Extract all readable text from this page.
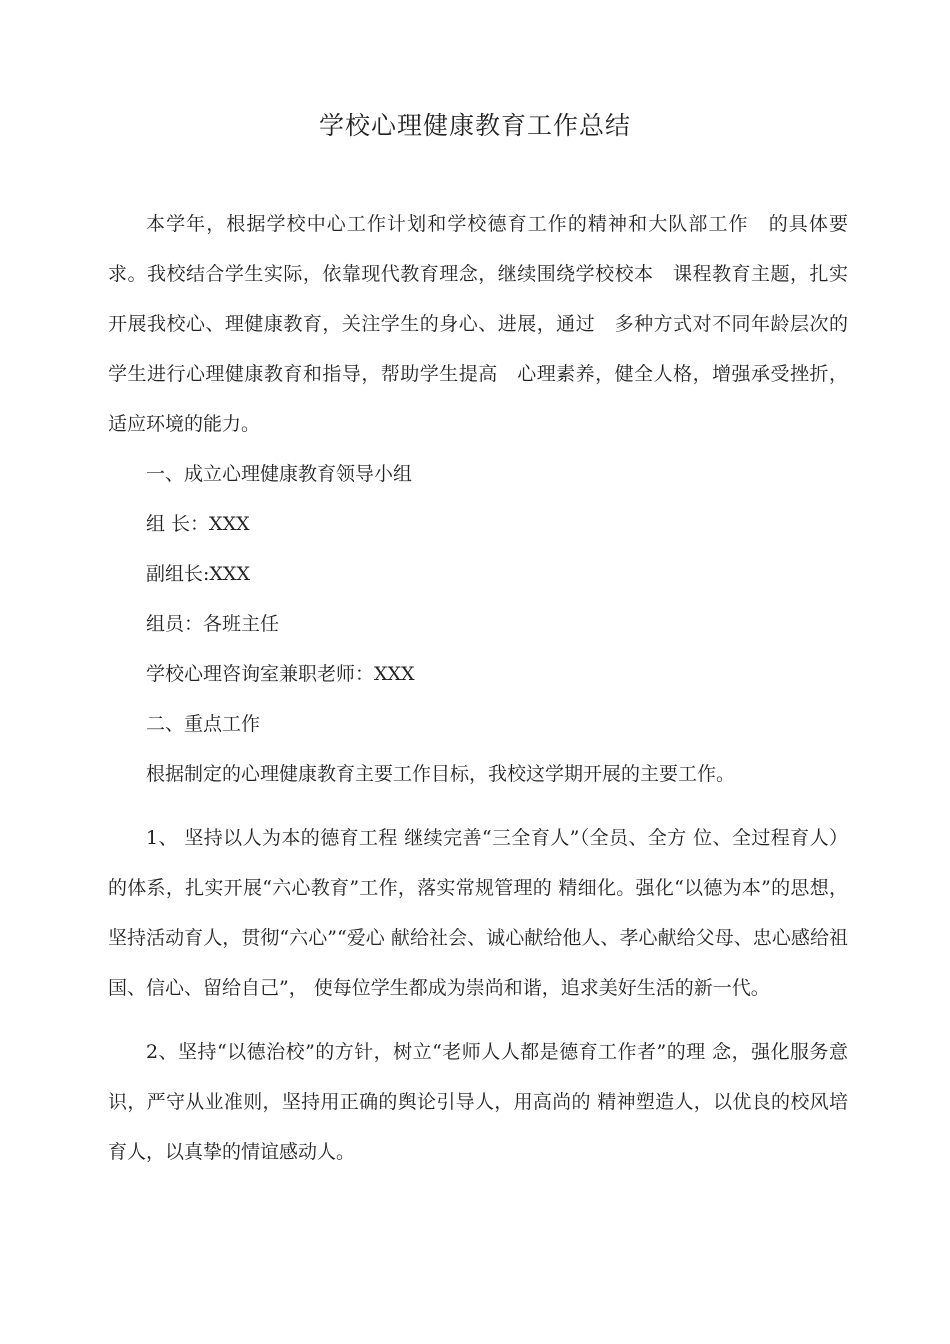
学校心理健康教育工作总结

本学年，根据学校中心工作计划和学校德育工作的精神和大队部工作　的具体要求。我校结合学生实际，依靠现代教育理念，继续围绕学校校本　课程教育主题，扎实开展我校心、理健康教育，关注学生的身心、进展，通过　多种方式对不同年龄层次的学生进行心理健康教育和指导，帮助学生提高　心理素养，健全人格，增强承受挫折，适应环境的能力。

一、成立心理健康教育领导小组

组 长：XXX

副组长:XXX

组员：各班主任

学校心理咨询室兼职老师：XXX

二、重点工作

根据制定的心理健康教育主要工作目标，我校这学期开展的主要工作。

1、 坚持以人为本的德育工程 继续完善“三全育人”（全员、全方 位、全过程育人）的体系，扎实开展“六心教育”工作，落实常规管理的 精细化。强化“以德为本”的思想，坚持活动育人，贯彻“六心”“爱心 献给社会、诚心献给他人、孝心献给父母、忠心感给祖国、信心、留给自己”， 使每位学生都成为崇尚和谐，追求美好生活的新一代。

2、坚持“以德治校”的方针，树立“老师人人都是德育工作者”的理 念，强化服务意识，严守从业准则，坚持用正确的舆论引导人，用高尚的 精神塑造人，以优良的校风培育人，以真挚的情谊感动人。
